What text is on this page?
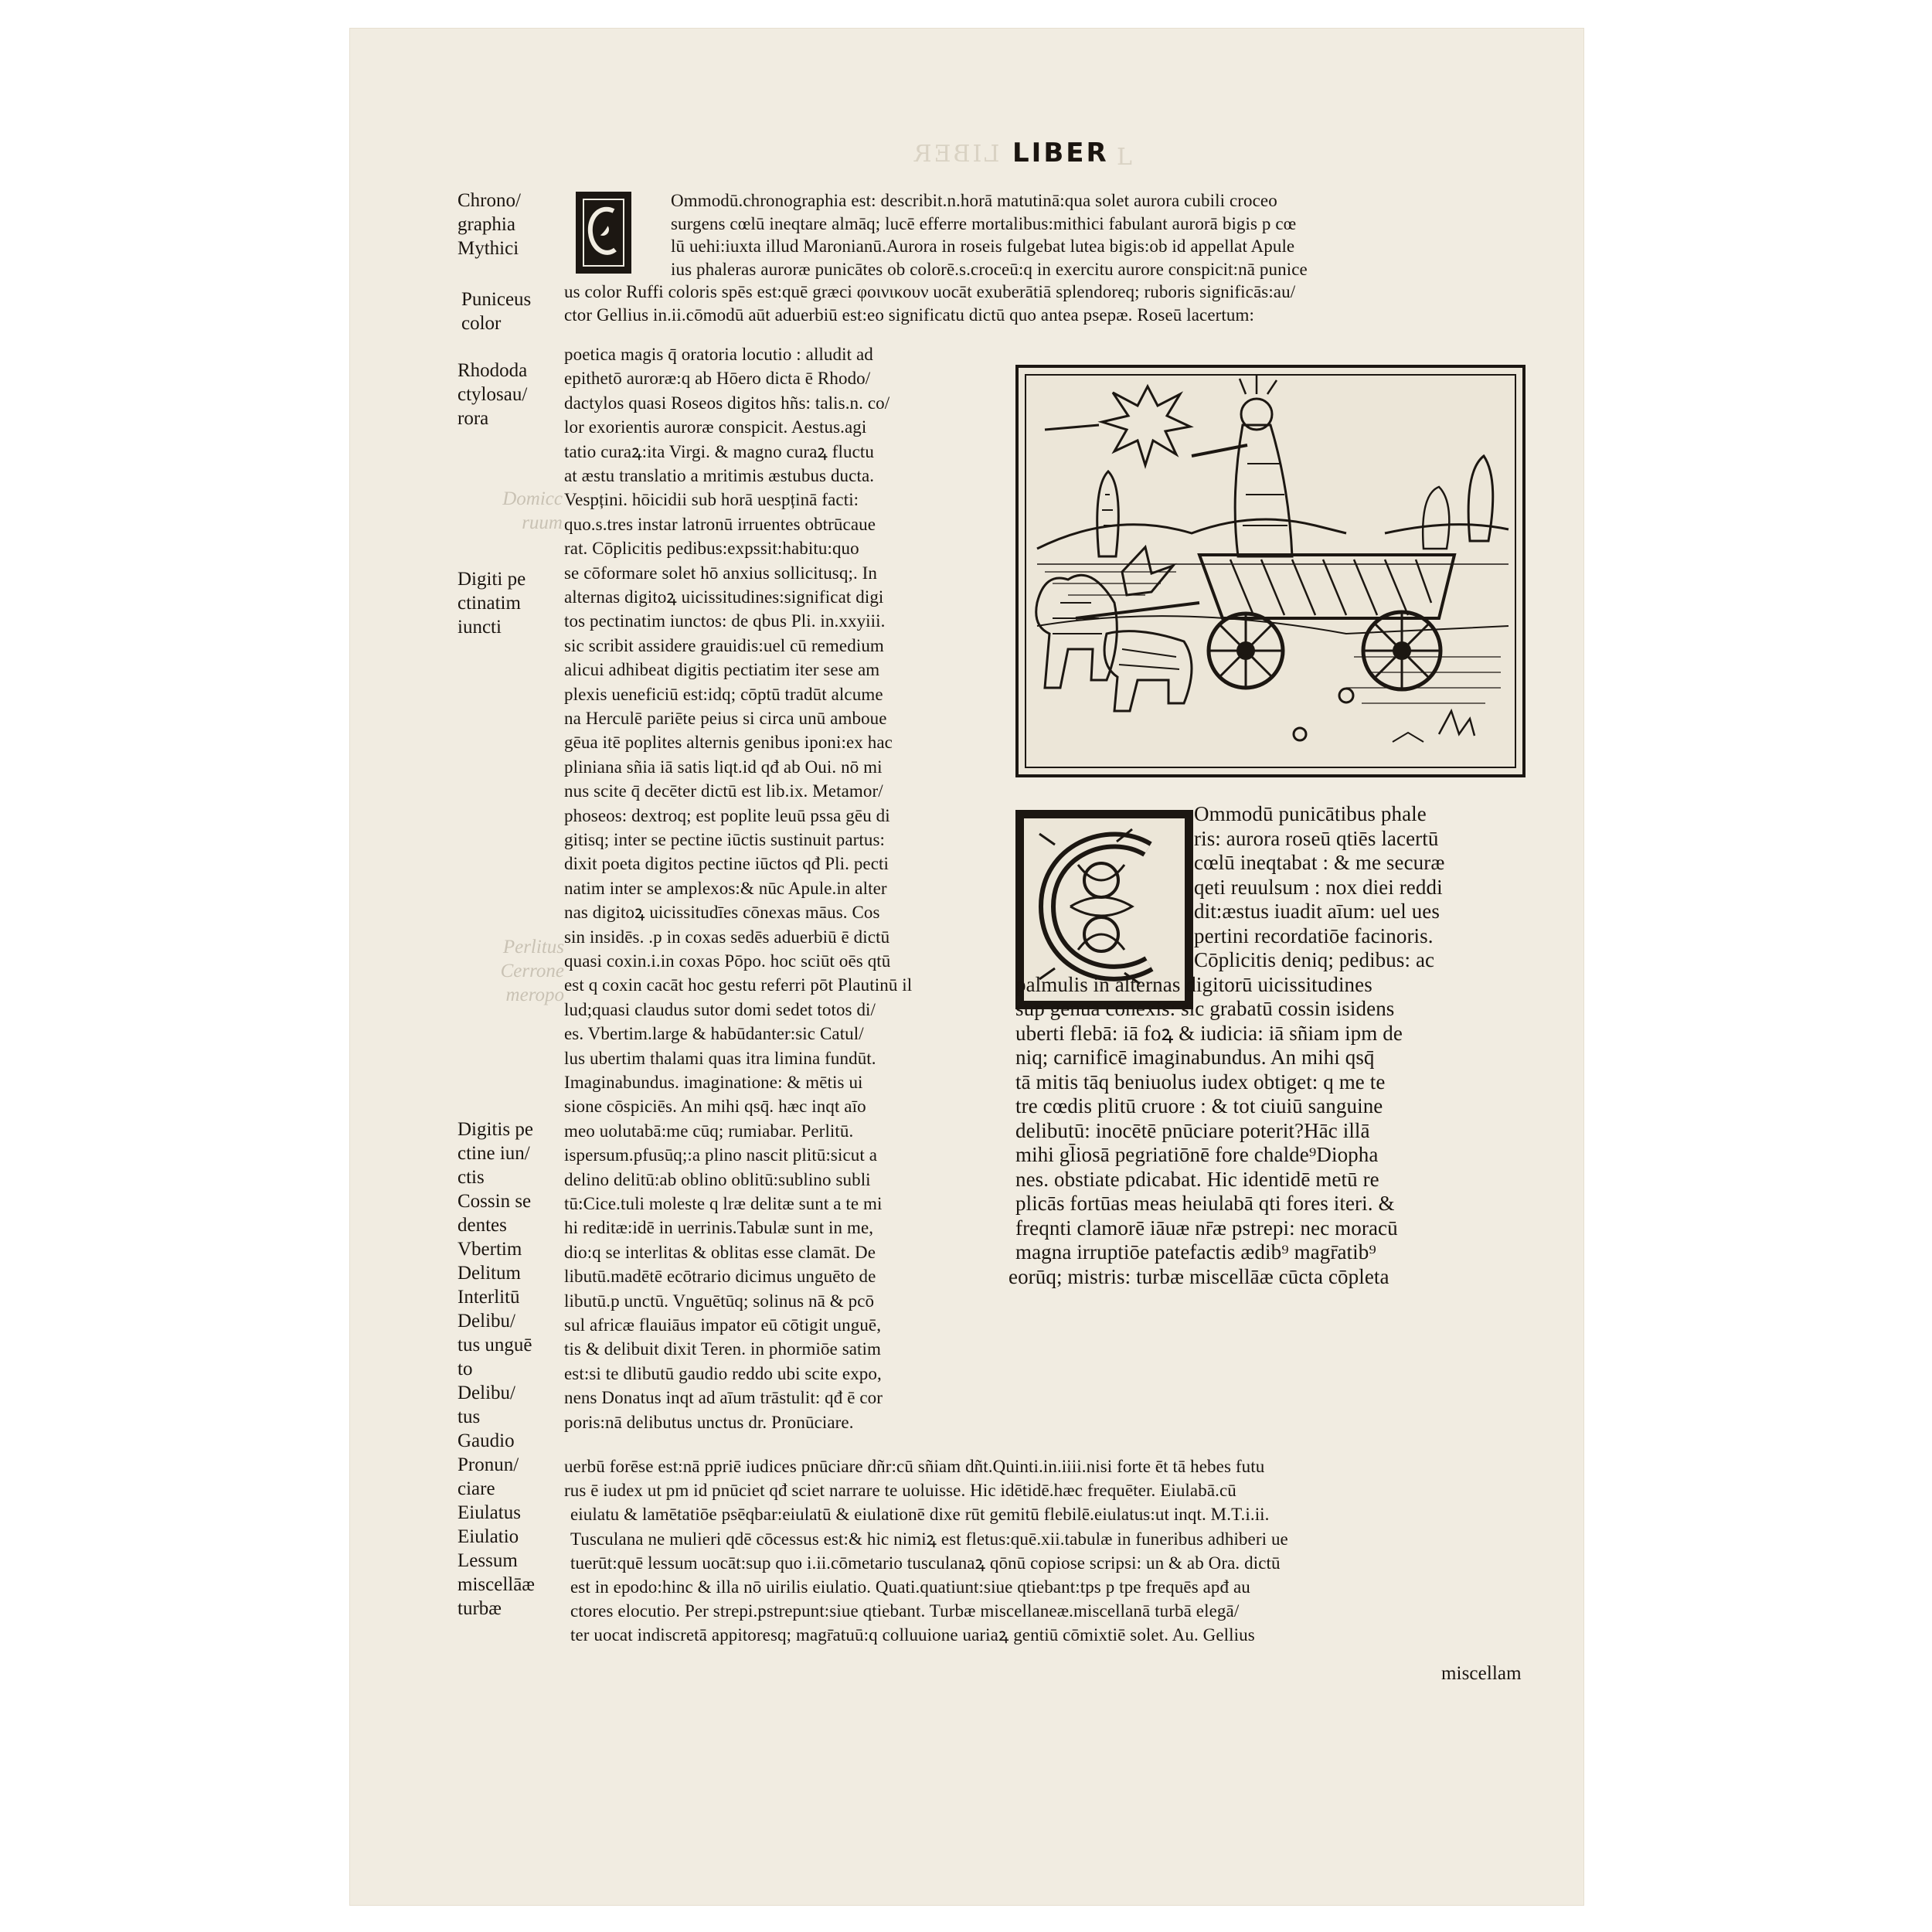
LIBER	L
LIBER
Chrono/
graphia
Mythici
Puniceus
color
Rhododa
ctylosau/
rora
Digiti pe
ctinatim
iuncti
Digitis pe
ctine iun/
ctis
Cossin se
dentes
Vbertim
Delitum
Interlitū
Delibu/
tus unguē
to
Delibu/
tus
Gaudio
Pronun/
ciare
Eiulatus
Eiulatio
Lessum
miscellāæ
turbæ
Domicc
ruum
Perlitus
Cerrone
meropo
Ommodū.chronographia est: describit.n.horā matutinā:qua solet aurora cubili croceo
surgens cœlū ineqtare almāq; lucē efferre mortalibus:mithici fabulant aurorā bigis p cœ
lū uehi:iuxta illud Maronianū.Aurora in roseis fulgebat lutea bigis:ob id appellat Apule
ius phaleras auroræ punicātes ob colorē.s.croceū:q in exercitu aurore conspicit:nā punice
us color Ruffi coloris spēs est:quē græci φοινικουν uocāt exuberātiā splendoreq; ruboris significās:au/
ctor Gellius in.ii.cōmodū aūt aduerbiū est:eo significatu dictū quo antea psepæ. Roseū lacertum:
poetica magis q̄ oratoria locutio : alludit ad
epithetō auroræ:q ab Hōero dicta ē Rhodo/
dactylos quasi Roseos digitos hñs: talis.n. co/
lor exorientis auroræ conspicit. Aestus.agi
tatio curaꝝ:ita Virgi. & magno curaꝝ fluctu
at æstu translatio a mritimis æstubus ducta.
Vespțini. hōicidii sub horā uespținā facti:
quo.s.tres instar latronū irruentes obtrūcaue
rat. Cōplicitis pedibus:expssit:habitu:quo
se cōformare solet hō anxius sollicitusq;. In
alternas digitoꝝ uicissitudines:significat digi
tos pectinatim iunctos: de qbus Pli. in.xxyiii.
sic scribit assidere grauidis:uel cū remedium
alicui adhibeat digitis pectiatim iter sese am
plexis ueneficiū est:idq; cōptū tradūt alcume
na Herculē pariēte peius si circa unū amboue
gēua itē poplites alternis genibus iponi:ex hac
pliniana sñia iā satis liqt.id qđ ab Oui. nō mi
nus scite q̄ decēter dictū est lib.ix. Metamor/
phoseos: dextroq; est poplite leuū pssa gēu di
gitisq; inter se pectine iūctis sustinuit partus:
dixit poeta digitos pectine iūctos qđ Pli. pecti
natim inter se amplexos:& nūc Apule.in alter
nas digitoꝝ uicissitudīes cōnexas māus. Cos
sin insidēs. .p in coxas sedēs aduerbiū ē dictū
quasi coxin.i.in coxas Pōpo. hoc sciūt oēs qtū
est q coxin cacāt hoc gestu referri pōt Plautinū il
lud;quasi claudus sutor domi sedet totos di/
es. Vbertim.large & habūdanter:sic Catul/
lus ubertim thalami quas itra limina fundūt.
Imaginabundus. imaginatione: & mētis ui
sione cōspiciēs. An mihi qsq̄. hæc inqt aīo
meo uolutabā:me cūq; rumiabar. Perlitū.
ispersum.pfusūq;:a plino nascit plitū:sicut a
delino delitū:ab oblino oblitū:sublino subli
tū:Cice.tuli moleste q lræ delitæ sunt a te mi
hi reditæ:idē in uerrinis.Tabulæ sunt in me,
dio:q se interlitas & oblitas esse clamāt. De
libutū.madētē ecōtrario dicimus unguēto de
libutū.p unctū. Vnguētūq; solinus nā & pcō
sul africæ flauiāus impator eū cōtigit unguē,
tis & delibuit dixit Teren. in phormiōe satim
est:si te dlibutū gaudio reddo ubi scite expo,
nens Donatus inqt ad aīum trāstulit: qđ ē cor
poris:nā delibutus unctus dr. Pronūciare.
Ommodū punicātibus phale
ris: aurora roseū qtiēs lacertū
cœlū ineqtabat : & me securæ
qeti reuulsum : nox diei reddi
dit:æstus iuadit aīum: uel ues
pertini recordatiōe facinoris.
Cōplicitis deniq; pedibus: ac
palmulis in alternas digitorū uicissitudines
sup genua cōnexis: sic grabatū cossin isidens
uberti flebā: iā foꝝ & iudicia: iā sñiam ipm de
niq; carnificē imaginabundus. An mihi qsq̄
tā mitis tāq beniuolus iudex obtiget: q me te
tre cœdis plitū cruore : & tot ciuiū sanguine
delibutū: inocētē pnūciare poterit?Hāc illā
mihi gl̄iosā pegriatiōnē fore chalde⁹Diopha
nes. obstiate pdicabat. Hic identidē metū re
plicās fortūas meas heiulabā qti fores iteri. &
freqnti clamorē iāuæ nr̄æ pstrepi: nec moracū
magna irruptiōe patefactis ædib⁹ magr̄atib⁹
eorūq; mistris: turbæ miscellāæ cūcta cōpleta
uerbū forēse est:nā ppriē iudices pnūciare dñr:cū sñiam dñt.Quinti.in.iiii.nisi forte ēt tā hebes futu
rus ē iudex ut pm id pnūciet qđ sciet narrare te uoluisse. Hic idētidē.hæc frequēter. Eiulabā.cū
eiulatu & lamētatiōe psēqbar:eiulatū & eiulationē dixe rūt gemitū flebilē.eiulatus:ut inqt. M.T.i.ii.
Tusculana ne mulieri qdē cōcessus est:& hic nimiꝝ est fletus:quē.xii.tabulæ in funeribus adhiberi ue
tuerūt:quē lessum uocāt:sup quo i.ii.cōmetario tusculanaꝝ qōnū copiose scripsi: un & ab Ora. dictū
est in epodo:hinc & illa nō uirilis eiulatio. Quati.quatiunt:siue qtiebant:tps p tpe frequēs apđ au
ctores elocutio. Per strepi.pstrepunt:siue qtiebant. Turbæ miscellaneæ.miscellanā turbā elegā/
ter uocat indiscretā appitoresq; magr̄atuū:q colluuione uariaꝝ gentiū cōmixtiē solet. Au. Gellius
miscellam
